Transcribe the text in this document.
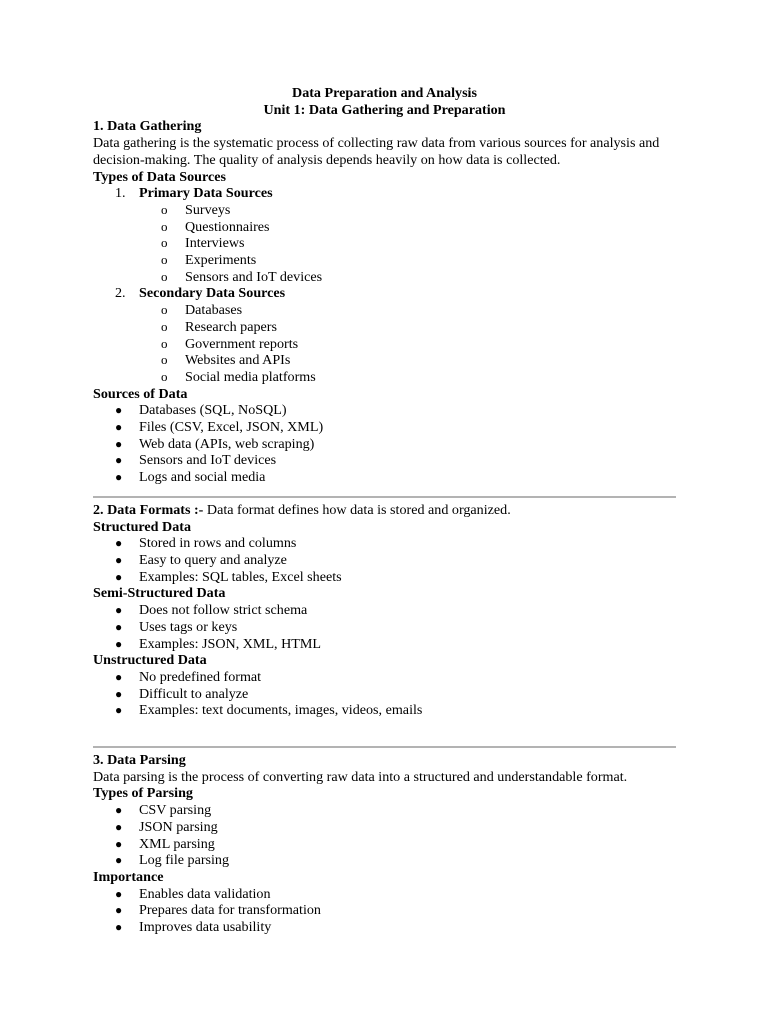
Data Preparation and Analysis
Unit 1: Data Gathering and Preparation
1. Data Gathering

Data gathering is the systematic process of collecting raw data from various sources for analysis and decision-making. The quality of analysis depends heavily on how data is collected.

Types of Data Sources
1. Primary Data Sources
o Surveys
o Questionnaires
o Interviews
o Experiments
o Sensors and IoT devices
2. Secondary Data Sources
o Databases
o Research papers
o Government reports
o Websites and APIs
o Social media platforms
Sources of Data
● Databases (SQL, NoSQL)
● Files (CSV, Excel, JSON, XML)
● Web data (APIs, web scraping)
● Sensors and IoT devices
● Logs and social media
2. Data Formats :- Data format defines how data is stored and organized.
Structured Data
● Stored in rows and columns
● Easy to query and analyze
● Examples: SQL tables, Excel sheets
Semi-Structured Data
● Does not follow strict schema
● Uses tags or keys
● Examples: JSON, XML, HTML
Unstructured Data
● No predefined format
● Difficult to analyze
● Examples: text documents, images, videos, emails
3. Data Parsing

Data parsing is the process of converting raw data into a structured and understandable format.

Types of Parsing
● CSV parsing
● JSON parsing
● XML parsing
● Log file parsing
Importance
● Enables data validation
● Prepares data for transformation
● Improves data usability
